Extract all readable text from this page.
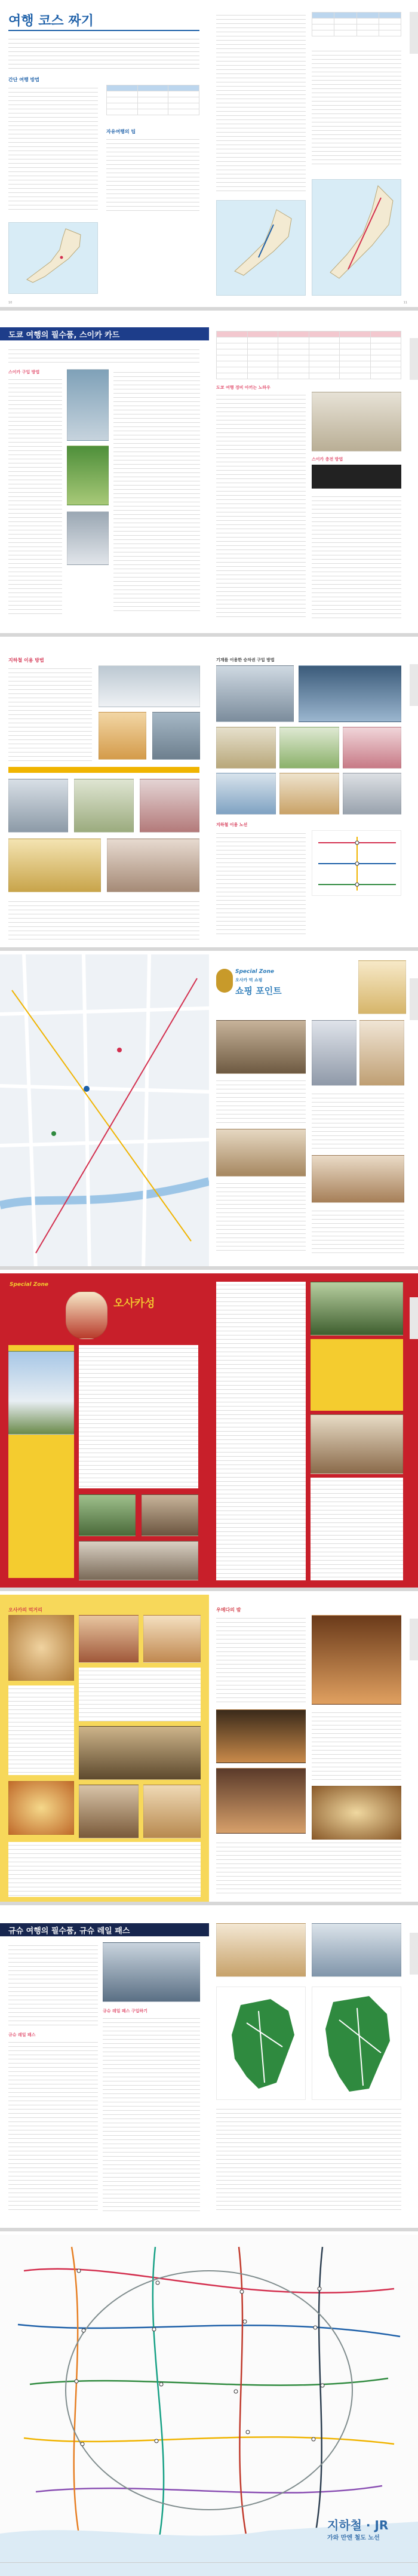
여행 코스 짜기
간단 여행 방법
자유여행의 팁
10	11
도쿄 여행의 필수품, 스이카 카드
스이카 구입 방법
도쿄 여행 경비 아끼는 노하우
스이카 충전 방법
지하철 이용 방법	기계를 이용한 승차권 구입 방법
지하철 이용 노선
Special Zone
오사카 먹 쇼핑
쇼핑 포인트
Special Zone
오사카성
오사카의 먹거리	우메다의 밤
규슈 여행의 필수품, 규슈 레일 패스
규슈 레일 패스
규슈 레일 패스 구입하기
지하철 · JR
가와 만엔 철도 노선
